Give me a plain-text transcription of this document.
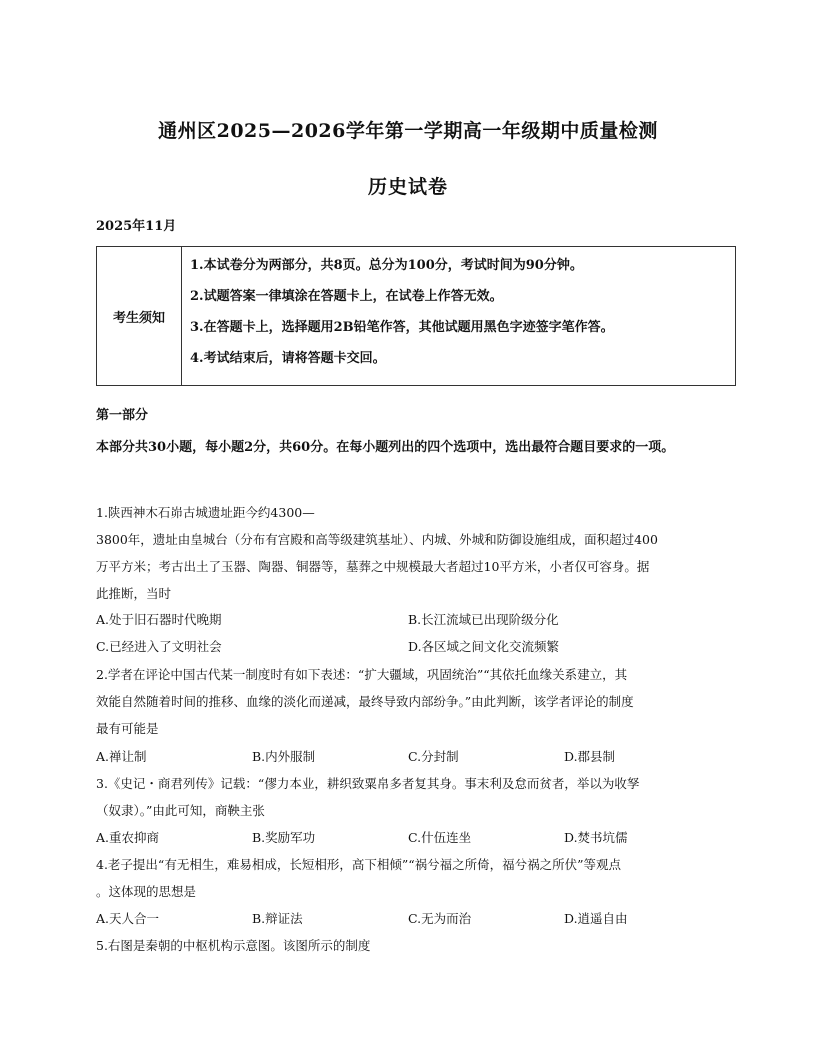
通州区2025—2026学年第一学期高一年级期中质量检测
历史试卷
2025年11月
考生须知
1.本试卷分为两部分，共8页。总分为100分，考试时间为90分钟。
2.试题答案一律填涂在答题卡上，在试卷上作答无效。
3.在答题卡上，选择题用2B铅笔作答，其他试题用黑色字迹签字笔作答。
4.考试结束后，请将答题卡交回。
第一部分
本部分共30小题，每小题2分，共60分。在每小题列出的四个选项中，选出最符合题目要求的一项。
1.陕西神木石峁古城遗址距今约4300—
3800年，遗址由皇城台（分布有宫殿和高等级建筑基址）、内城、外城和防御设施组成，面积超过400
万平方米；考古出土了玉器、陶器、铜器等，墓葬之中规模最大者超过10平方米，小者仅可容身。据
此推断，当时
A.处于旧石器时代晚期	B.长江流域已出现阶级分化
C.已经进入了文明社会	D.各区域之间文化交流频繁
2.学者在评论中国古代某一制度时有如下表述：“扩大疆域，巩固统治”“其依托血缘关系建立，其
效能自然随着时间的推移、血缘的淡化而递减，最终导致内部纷争。”由此判断，该学者评论的制度
最有可能是
A.禅让制	B.内外服制	C.分封制	D.郡县制
3.《史记・商君列传》记载：“僇力本业，耕织致粟帛多者复其身。事末利及怠而贫者，举以为收孥
（奴隶）。”由此可知，商鞅主张
A.重农抑商	B.奖励军功	C.什伍连坐	D.焚书坑儒
4.老子提出“有无相生，难易相成，长短相形，高下相倾”“祸兮福之所倚，福兮祸之所伏”等观点
。这体现的思想是
A.天人合一	B.辩证法	C.无为而治	D.逍遥自由
5.右图是秦朝的中枢机构示意图。该图所示的制度
